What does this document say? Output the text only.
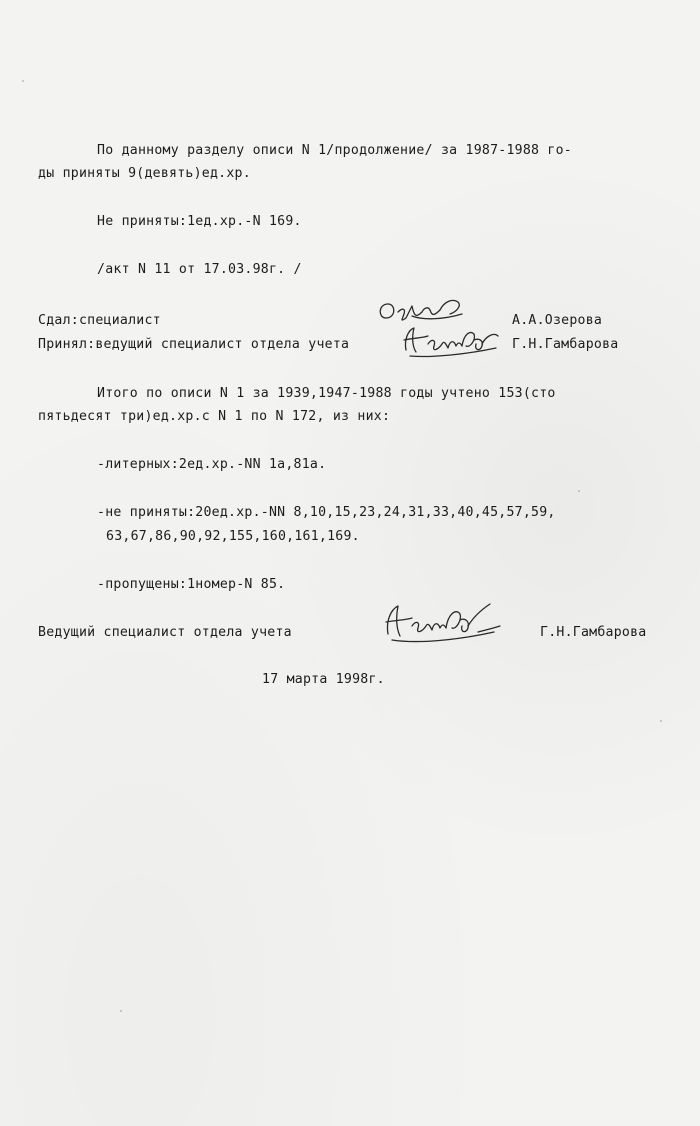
По данному разделу описи N 1/продолжение/ за 1987-1988 го-
ды приняты 9(девять)ед.хр.
Не приняты:1ед.хр.-N 169.
/акт N 11 от 17.03.98г. /
Сдал:специалист	А.А.Озерова
Принял:ведущий специалист отдела учета	Г.Н.Гамбарова
Итого по описи N 1 за 1939,1947-1988 годы учтено 153(сто
пятьдесят три)ед.хр.с N 1 по N 172, из них:
-литерных:2ед.хр.-NN 1а,81а.
-не приняты:20ед.хр.-NN 8,10,15,23,24,31,33,40,45,57,59,
63,67,86,90,92,155,160,161,169.
-пропущены:1номер-N 85.
Ведущий специалист отдела учета	Г.Н.Гамбарова
17 марта 1998г.
